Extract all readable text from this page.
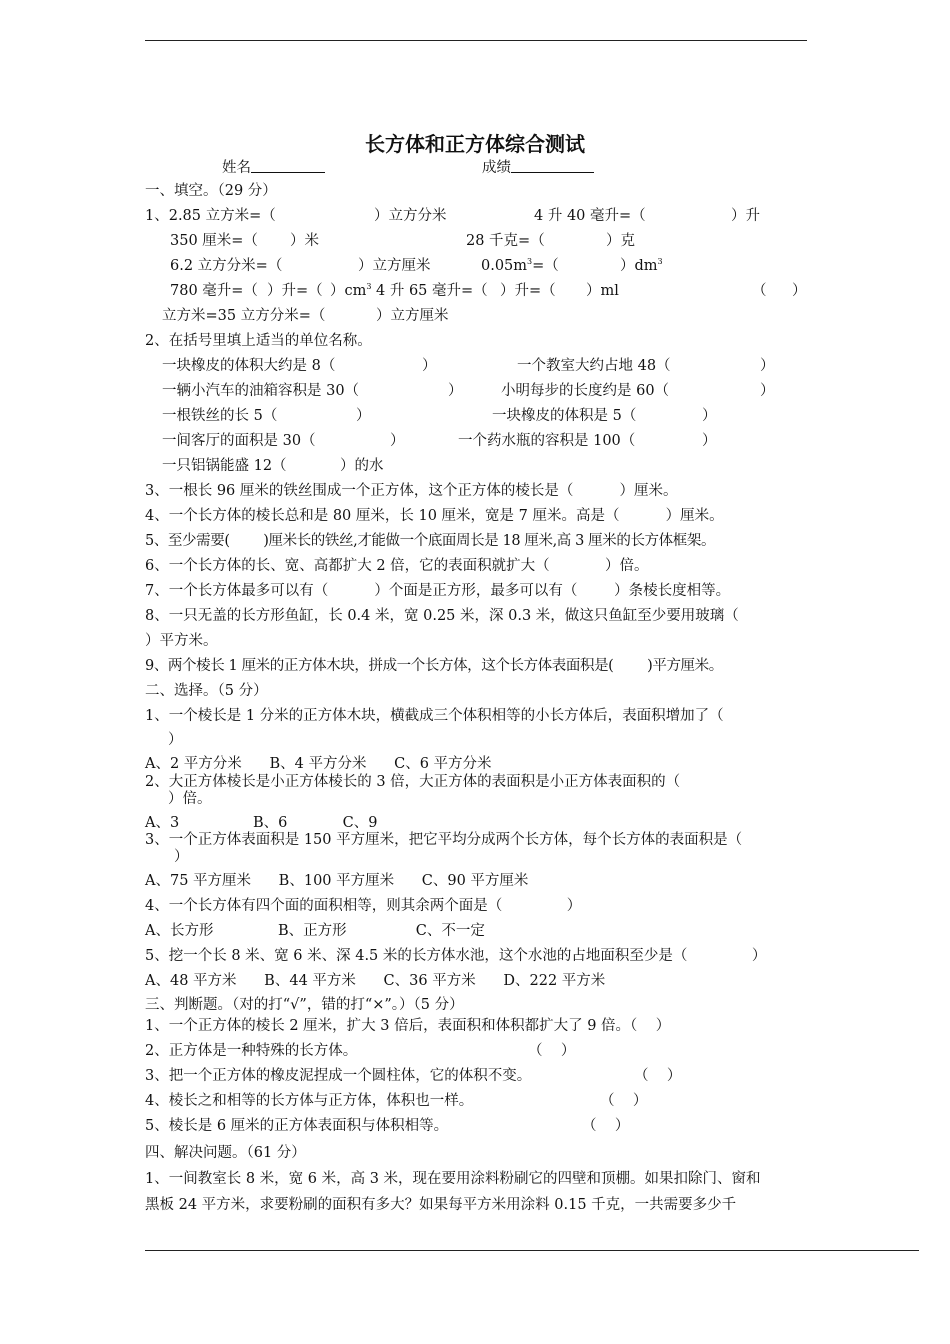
长方体和正方体综合测试
姓名	成绩
一、填空。（29 分）
1、2.85 立方米=（	）立方分米	4 升 40 毫升=（	）升
350 厘米=（ ）米	28 千克=（	）克
6.2 立方分米=（	）立方厘米	$0.05m^3=$（	）$dm^3$
780 毫升=（ ）升=（ ）$cm^3$ 4 升 65 毫升=（ ）升=（ ）ml	（ ）
立方米=35 立方分米=（	）立方厘米
2、在括号里填上适当的单位名称。
一块橡皮的体积大约是 8（	）	一个教室大约占地 48（	）
一辆小汽车的油箱容积是 30（	）	小明每步的长度约是 60（	）
一根铁丝的长 5（	）	一块橡皮的体积是 5（	）
一间客厅的面积是 30（	）	一个药水瓶的容积是 100（	）
一只铝锅能盛 12（	）的水
3、一根长 96 厘米的铁丝围成一个正方体，这个正方体的棱长是（          ）厘米。
4、一个长方体的棱长总和是 80 厘米，长 10 厘米，宽是 7 厘米。高是（          ）厘米。
5、至少需要(        )厘米长的铁丝,才能做一个底面周长是 18 厘米,高 3 厘米的长方体框架。
6、一个长方体的长、宽、高都扩大 2 倍，它的表面积就扩大（            ）倍。
7、一个长方体最多可以有（          ）个面是正方形，最多可以有（        ）条棱长度相等。
8、一只无盖的长方形鱼缸，长 0.4 米，宽 0.25 米，深 0.3 米，做这只鱼缸至少要用玻璃（
）平方米。
9、两个棱长 1 厘米的正方体木块，拼成一个长方体，这个长方体表面积是(        )平方厘米。
二、选择。（5 分）
1、一个棱长是 1 分米的正方体木块，横截成三个体积相等的小长方体后，表面积增加了（
）
A、2 平方分米      B、4 平方分米      C、6 平方分米
2、大正方体棱长是小正方体棱长的 3 倍，大正方体的表面积是小正方体表面积的（
）倍。
A、3                B、6            C、9
3、一个正方体表面积是 150 平方厘米，把它平均分成两个长方体，每个长方体的表面积是（
）
A、75 平方厘米      B、100 平方厘米      C、90 平方厘米
4、一个长方体有四个面的面积相等，则其余两个面是（              ）
A、长方形              B、正方形               C、不一定
5、挖一个长 8 米、宽 6 米、深 4.5 米的长方体水池，这个水池的占地面积至少是（              ）
A、48 平方米      B、44 平方米      C、36 平方米      D、222 平方米
三、判断题。（对的打“√”，错的打“×”。）（5 分）
1、一个正方体的棱长 2 厘米，扩大 3 倍后，表面积和体积都扩大了 9 倍。（    ）
2、正方体是一种特殊的长方体。	（    ）
3、把一个正方体的橡皮泥捏成一个圆柱体，它的体积不变。	（    ）
4、棱长之和相等的长方体与正方体，体积也一样。	（    ）
5、棱长是 6 厘米的正方体表面积与体积相等。	（    ）
四、解决问题。（61 分）
1、一间教室长 8 米，宽 6 米，高 3 米，现在要用涂料粉刷它的四壁和顶棚。如果扣除门、窗和
黑板 24 平方米，求要粉刷的面积有多大？如果每平方米用涂料 0.15 千克，一共需要多少千
